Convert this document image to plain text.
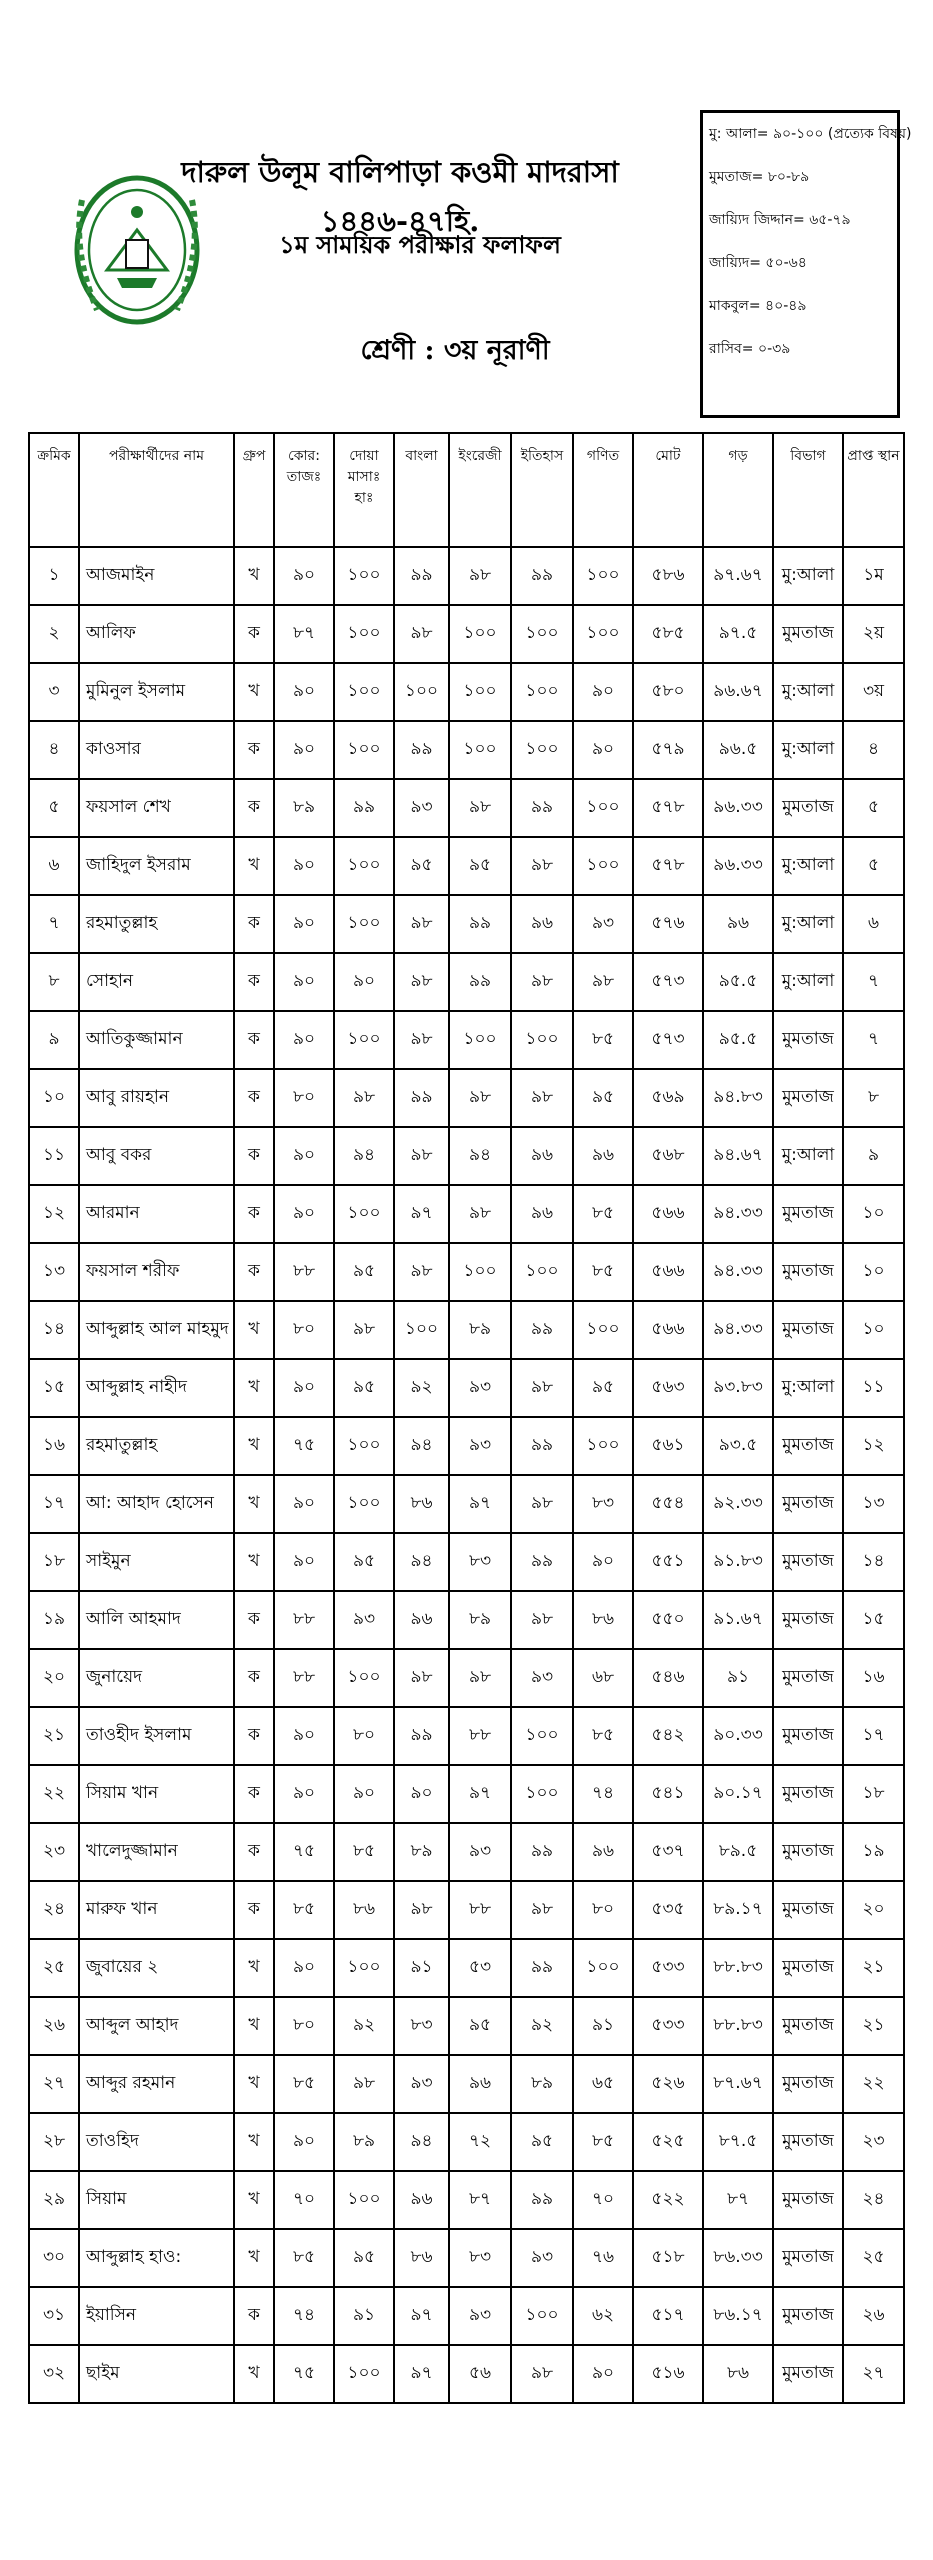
দারুল উলূম বালিপাড়া কওমী মাদরাসা ১৪৪৬-৪৭হি.
১ম সাময়িক পরীক্ষার ফলাফল
শ্রেণী : ৩য় নূরাণী
মু: আলা= ৯০-১০০ (প্রত্যেক বিষয়)
মুমতাজ= ৮০-৮৯
জায়্যিদ জিদ্দান= ৬৫-৭৯
জায়্যিদ= ৫০-৬৪
মাকবুল= ৪০-৪৯
রাসিব= ০-৩৯
ক্রমিক	পরীক্ষার্থীদের নাম	গ্রুপ	কোর: তাজঃ	দোয়া মাসাঃ হাঃ	বাংলা	ইংরেজী	ইতিহাস	গণিত	মোট	গড়	বিভাগ	প্রাপ্ত স্থান
১	আজমাইন	খ	৯০	১০০	৯৯	৯৮	৯৯	১০০	৫৮৬	৯৭.৬৭	মু:আলা	১ম
২	আলিফ	ক	৮৭	১০০	৯৮	১০০	১০০	১০০	৫৮৫	৯৭.৫	মুমতাজ	২য়
৩	মুমিনুল ইসলাম	খ	৯০	১০০	১০০	১০০	১০০	৯০	৫৮০	৯৬.৬৭	মু:আলা	৩য়
৪	কাওসার	ক	৯০	১০০	৯৯	১০০	১০০	৯০	৫৭৯	৯৬.৫	মু:আলা	৪
৫	ফয়সাল শেখ	ক	৮৯	৯৯	৯৩	৯৮	৯৯	১০০	৫৭৮	৯৬.৩৩	মুমতাজ	৫
৬	জাহিদুল ইসরাম	খ	৯০	১০০	৯৫	৯৫	৯৮	১০০	৫৭৮	৯৬.৩৩	মু:আলা	৫
৭	রহমাতুল্লাহ	ক	৯০	১০০	৯৮	৯৯	৯৬	৯৩	৫৭৬	৯৬	মু:আলা	৬
৮	সোহান	ক	৯০	৯০	৯৮	৯৯	৯৮	৯৮	৫৭৩	৯৫.৫	মু:আলা	৭
৯	আতিকুজ্জামান	ক	৯০	১০০	৯৮	১০০	১০০	৮৫	৫৭৩	৯৫.৫	মুমতাজ	৭
১০	আবু রায়হান	ক	৮০	৯৮	৯৯	৯৮	৯৮	৯৫	৫৬৯	৯৪.৮৩	মুমতাজ	৮
১১	আবু বকর	ক	৯০	৯৪	৯৮	৯৪	৯৬	৯৬	৫৬৮	৯৪.৬৭	মু:আলা	৯
১২	আরমান	ক	৯০	১০০	৯৭	৯৮	৯৬	৮৫	৫৬৬	৯৪.৩৩	মুমতাজ	১০
১৩	ফয়সাল শরীফ	ক	৮৮	৯৫	৯৮	১০০	১০০	৮৫	৫৬৬	৯৪.৩৩	মুমতাজ	১০
১৪	আব্দুল্লাহ আল মাহমুদ	খ	৮০	৯৮	১০০	৮৯	৯৯	১০০	৫৬৬	৯৪.৩৩	মুমতাজ	১০
১৫	আব্দুল্লাহ নাহীদ	খ	৯০	৯৫	৯২	৯৩	৯৮	৯৫	৫৬৩	৯৩.৮৩	মু:আলা	১১
১৬	রহমাতুল্লাহ	খ	৭৫	১০০	৯৪	৯৩	৯৯	১০০	৫৬১	৯৩.৫	মুমতাজ	১২
১৭	আ: আহাদ হোসেন	খ	৯০	১০০	৮৬	৯৭	৯৮	৮৩	৫৫৪	৯২.৩৩	মুমতাজ	১৩
১৮	সাইমুন	খ	৯০	৯৫	৯৪	৮৩	৯৯	৯০	৫৫১	৯১.৮৩	মুমতাজ	১৪
১৯	আলি আহমাদ	ক	৮৮	৯৩	৯৬	৮৯	৯৮	৮৬	৫৫০	৯১.৬৭	মুমতাজ	১৫
২০	জুনায়েদ	ক	৮৮	১০০	৯৮	৯৮	৯৩	৬৮	৫৪৬	৯১	মুমতাজ	১৬
২১	তাওহীদ ইসলাম	ক	৯০	৮০	৯৯	৮৮	১০০	৮৫	৫৪২	৯০.৩৩	মুমতাজ	১৭
২২	সিয়াম খান	ক	৯০	৯০	৯০	৯৭	১০০	৭৪	৫৪১	৯০.১৭	মুমতাজ	১৮
২৩	খালেদুজ্জামান	ক	৭৫	৮৫	৮৯	৯৩	৯৯	৯৬	৫৩৭	৮৯.৫	মুমতাজ	১৯
২৪	মারুফ খান	ক	৮৫	৮৬	৯৮	৮৮	৯৮	৮০	৫৩৫	৮৯.১৭	মুমতাজ	২০
২৫	জুবায়ের ২	খ	৯০	১০০	৯১	৫৩	৯৯	১০০	৫৩৩	৮৮.৮৩	মুমতাজ	২১
২৬	আব্দুল আহাদ	খ	৮০	৯২	৮৩	৯৫	৯২	৯১	৫৩৩	৮৮.৮৩	মুমতাজ	২১
২৭	আব্দুর রহমান	খ	৮৫	৯৮	৯৩	৯৬	৮৯	৬৫	৫২৬	৮৭.৬৭	মুমতাজ	২২
২৮	তাওহিদ	খ	৯০	৮৯	৯৪	৭২	৯৫	৮৫	৫২৫	৮৭.৫	মুমতাজ	২৩
২৯	সিয়াম	খ	৭০	১০০	৯৬	৮৭	৯৯	৭০	৫২২	৮৭	মুমতাজ	২৪
৩০	আব্দুল্লাহ হাও:	খ	৮৫	৯৫	৮৬	৮৩	৯৩	৭৬	৫১৮	৮৬.৩৩	মুমতাজ	২৫
৩১	ইয়াসিন	ক	৭৪	৯১	৯৭	৯৩	১০০	৬২	৫১৭	৮৬.১৭	মুমতাজ	২৬
৩২	ছাইম	খ	৭৫	১০০	৯৭	৫৬	৯৮	৯০	৫১৬	৮৬	মুমতাজ	২৭
